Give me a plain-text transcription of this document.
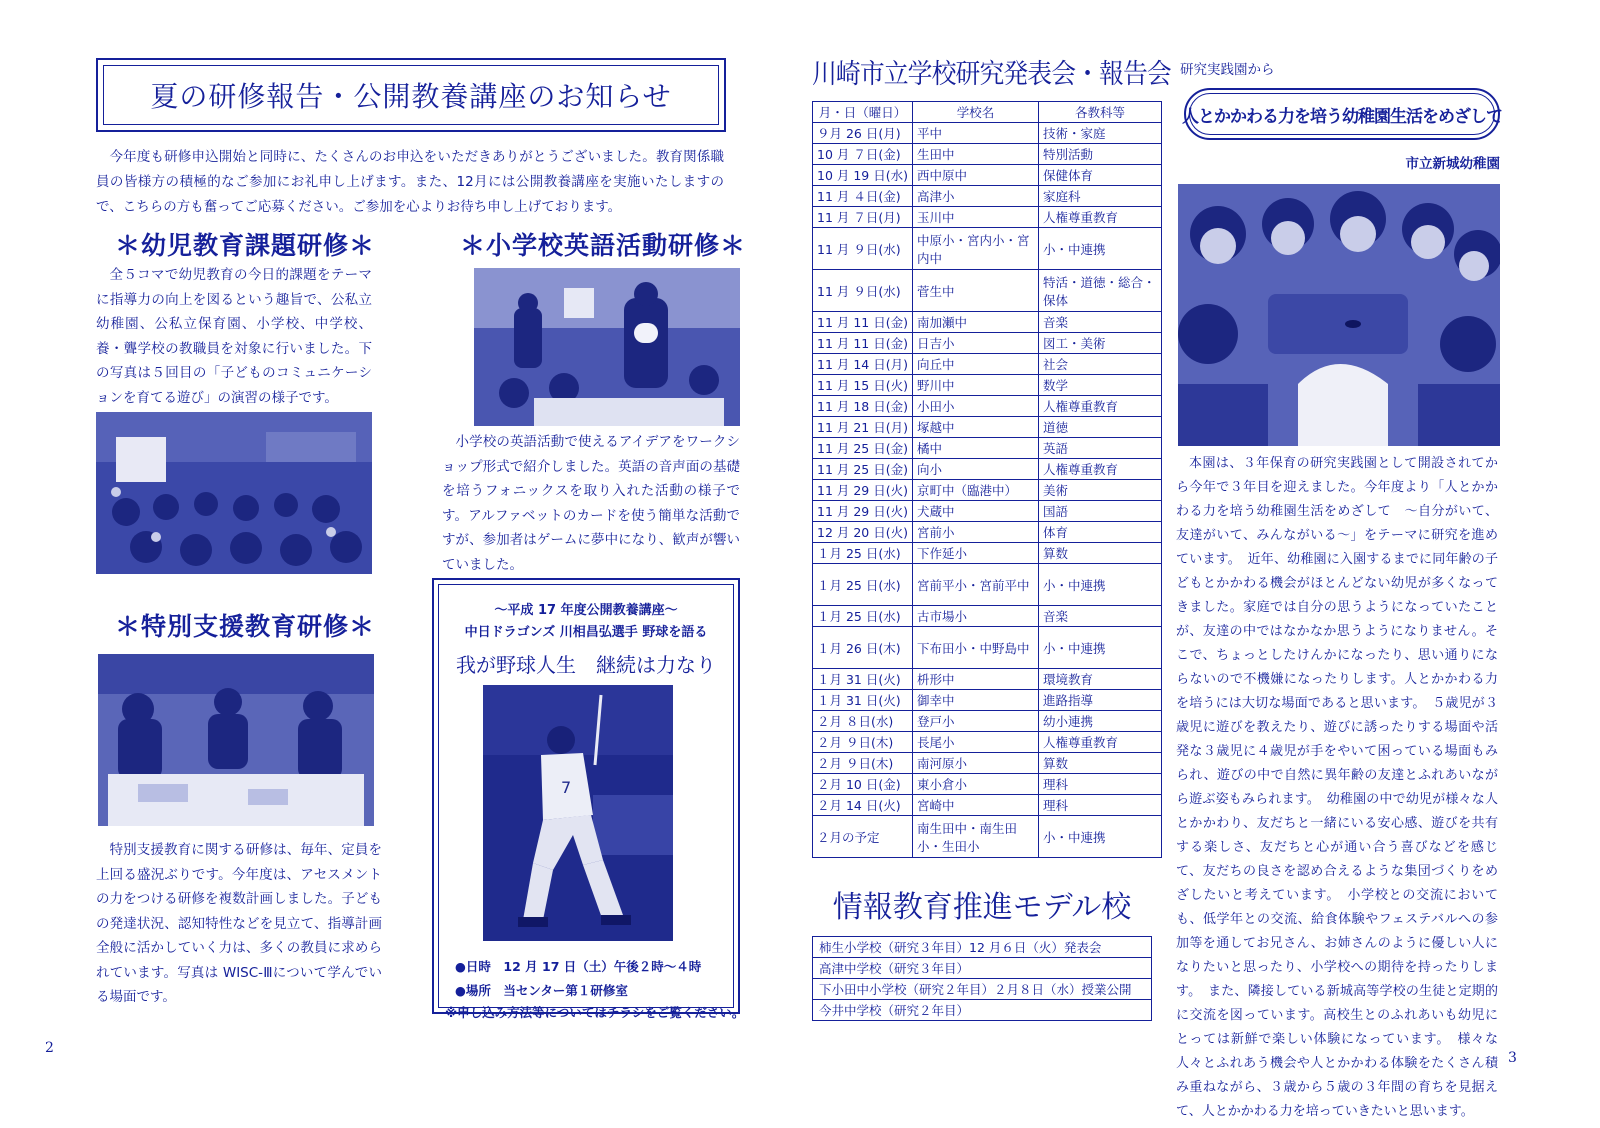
夏の研修報告・公開教養講座のお知らせ

今年度も研修申込開始と同時に、たくさんのお申込をいただきありがとうございました。教育関係職員の皆様方の積極的なご参加にお礼申し上げます。また、12月には公開教養講座を実施いたしますので、こちらの方も奮ってご応募ください。ご参加を心よりお待ち申し上げております。

＊幼児教育課題研修＊

全５コマで幼児教育の今日的課題をテーマに指導力の向上を図るという趣旨で、公私立幼稚園、公私立保育園、小学校、中学校、養・聾学校の教職員を対象に行いました。下の写真は５回目の「子どものコミュニケーションを育てる遊び」の演習の様子です。

＊小学校英語活動研修＊

小学校の英語活動で使えるアイデアをワークショップ形式で紹介しました。英語の音声面の基礎を培うフォニックスを取り入れた活動の様子です。アルファベットのカードを使う簡単な活動ですが、参加者はゲームに夢中になり、歓声が響いていました。

＊特別支援教育研修＊

特別支援教育に関する研修は、毎年、定員を上回る盛況ぶりです。今年度は、アセスメントの力をつける研修を複数計画しました。子どもの発達状況、認知特性などを見立て、指導計画全般に活かしていく力は、多くの教員に求められています。写真は WISC-Ⅲについて学んでいる場面です。

～平成 17 年度公開教養講座～
中日ドラゴンズ 川相昌弘選手 野球を語る
我が野球人生　継続は力なり
7
●日時　12 月 17 日（土）午後２時～４時
●場所　当センター第１研修室
※申し込み方法等についてはチラシをご覧ください。
2
川崎市立学校研究発表会・報告会
月・日（曜日）	学校名	各教科等
９月 26 日(月)	平中	技術・家庭
10 月 ７日(金)	生田中	特別活動
10 月 19 日(水)	西中原中	保健体育
11 月 ４日(金)	高津小	家庭科
11 月 ７日(月)	玉川中	人権尊重教育
11 月 ９日(水)	中原小・宮内小・宮内中	小・中連携
11 月 ９日(水)	菅生中	特活・道徳・総合・保体
11 月 11 日(金)	南加瀬中	音楽
11 月 11 日(金)	日吉小	図工・美術
11 月 14 日(月)	向丘中	社会
11 月 15 日(火)	野川中	数学
11 月 18 日(金)	小田小	人権尊重教育
11 月 21 日(月)	塚越中	道徳
11 月 25 日(金)	橘中	英語
11 月 25 日(金)	向小	人権尊重教育
11 月 29 日(火)	京町中（臨港中）	美術
11 月 29 日(火)	犬蔵中	国語
12 月 20 日(火)	宮前小	体育
１月 25 日(水)	下作延小	算数
１月 25 日(水)	宮前平小・宮前平中	小・中連携
１月 25 日(水)	古市場小	音楽
１月 26 日(木)	下布田小・中野島中	小・中連携
１月 31 日(火)	枡形中	環境教育
１月 31 日(火)	御幸中	進路指導
２月 ８日(水)	登戸小	幼小連携
２月 ９日(木)	長尾小	人権尊重教育
２月 ９日(木)	南河原小	算数
２月 10 日(金)	東小倉小	理科
２月 14 日(火)	宮崎中	理科
２月の予定	南生田中・南生田小・生田小	小・中連携
情報教育推進モデル校
柿生小学校（研究３年目）12 月６日（火）発表会
高津中学校（研究３年目）
下小田中小学校（研究２年目）２月８日（水）授業公開
今井中学校（研究２年目）
研究実践園から
人とかかわる力を培う幼稚園生活をめざして
市立新城幼稚園

本園は、３年保育の研究実践園として開設されてから今年で３年目を迎えました。今年度より「人とかかわる力を培う幼稚園生活をめざして　～自分がいて、友達がいて、みんながいる～」をテーマに研究を進めています。　近年、幼稚園に入園するまでに同年齢の子どもとかかわる機会がほとんどない幼児が多くなってきました。家庭では自分の思うようになっていたことが、友達の中ではなかなか思うようになりません。そこで、ちょっとしたけんかになったり、思い通りにならないので不機嫌になったりします。人とかかわる力を培うには大切な場面であると思います。　５歳児が３歳児に遊びを教えたり、遊びに誘ったりする場面や活発な３歳児に４歳児が手をやいて困っている場面もみられ、遊びの中で自然に異年齢の友達とふれあいながら遊ぶ姿もみられます。　幼稚園の中で幼児が様々な人とかかわり、友だちと一緒にいる安心感、遊びを共有する楽しさ、友だちと心が通い合う喜びなどを感じて、友だちの良さを認め合えるような集団づくりをめざしたいと考えています。　小学校との交流においても、低学年との交流、給食体験やフェステバルへの参加等を通してお兄さん、お姉さんのように優しい人になりたいと思ったり、小学校への期待を持ったりします。　また、隣接している新城高等学校の生徒と定期的に交流を図っています。高校生とのふれあいも幼児にとっては新鮮で楽しい体験になっています。　様々な人々とふれあう機会や人とかかわる体験をたくさん積み重ねながら、３歳から５歳の３年間の育ちを見据えて、人とかかわる力を培っていきたいと思います。

3
